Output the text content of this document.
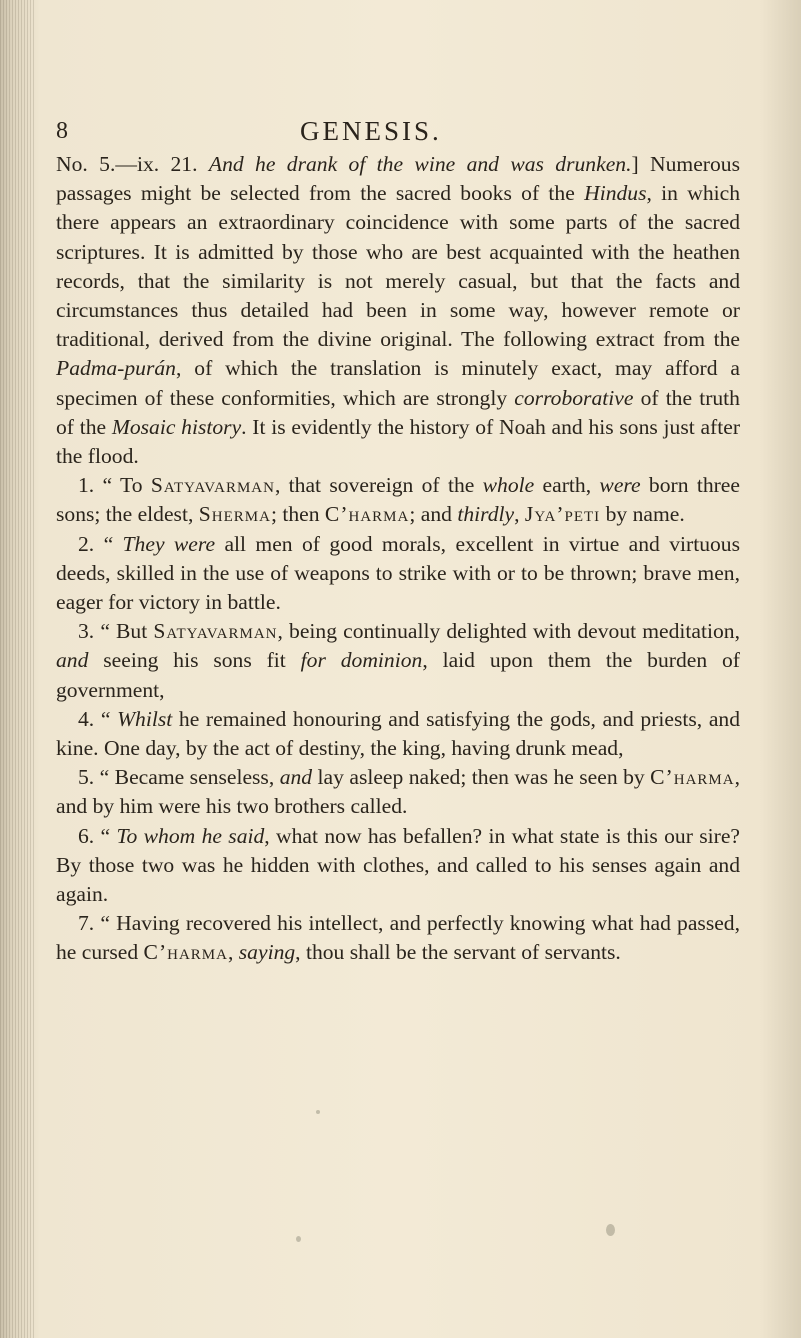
8	GENESIS.

No. 5.—ix. 21. And he drank of the wine and was drunken.] Numerous passages might be selected from the sacred books of the Hindus, in which there appears an extraordinary coincidence with some parts of the sacred scriptures. It is admitted by those who are best acquainted with the heathen records, that the similarity is not merely casual, but that the facts and circumstances thus detailed had been in some way, however remote or traditional, derived from the divine original. The following extract from the Padma-purán, of which the translation is minutely exact, may afford a specimen of these conformities, which are strongly corroborative of the truth of the Mosaic history. It is evidently the history of Noah and his sons just after the flood.

1. “ To Satyavarman, that sovereign of the whole earth, were born three sons; the eldest, Sherma; then C’harma; and thirdly, Jya’peti by name.

2. “ They were all men of good morals, excellent in virtue and virtuous deeds, skilled in the use of weapons to strike with or to be thrown; brave men, eager for victory in battle.

3. “ But Satyavarman, being continually delighted with devout meditation, and seeing his sons fit for dominion, laid upon them the burden of government,

4. “ Whilst he remained honouring and satisfying the gods, and priests, and kine. One day, by the act of destiny, the king, having drunk mead,

5. “ Became senseless, and lay asleep naked; then was he seen by C’harma, and by him were his two brothers called.

6. “ To whom he said, what now has befallen? in what state is this our sire? By those two was he hidden with clothes, and called to his senses again and again.

7. “ Having recovered his intellect, and perfectly knowing what had passed, he cursed C’harma, saying, thou shall be the servant of servants.
